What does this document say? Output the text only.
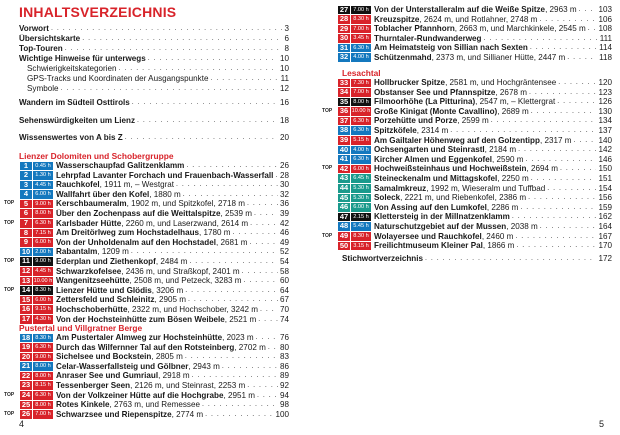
INHALTSVERZEICHNIS
Vorwort . . .	3
Übersichtskarte . . .	6
Top-Touren . . .	8
Wichtige Hinweise für unterwegs . . .	10
Schwierigkeitskategorien . . .	10
GPS-Tracks und Koordinaten der Ausgangspunkte . . .	11
Symbole . . .	12
Wandern im Südteil Osttirols . . .	16
Sehenswürdigkeiten um Lienz . . .	18
Wissenswertes von A bis Z . . .	20
Lienzer Dolomiten und Schobergruppe
1	0.45 h Wasserschaupfad Galitzenklamm . . .	26
2	1.30 h Lehrpfad Lavanter Forchach und Frauenbach-Wasserfall . . . 28
3	4.45 h Rauchkofel, 1911 m, – Westgrat . . .	30
4	6.00 h Wallfahrt über den Kofel, 1880 m . . .	32
TOP	5	9.00 h Kerschbaumeralm, 1902 m, und Spitzkofel, 2718 m . . .	36
6	8.00 h Über den Zochenpass auf die Weittalspitze, 2539 m . . .	39
TOP	7	6.30 h Karlsbader Hütte, 2260 m, und Laserzwand, 2614 m . . .	42
8	7.15 h Am Dreitörlweg zum Hochstadelhaus, 1780 m . . .	46
9	6.00 h Von der Unholdenalm auf den Hochstadel, 2681 m . . .	49
10 2.00 h Rabantalm, 1209 m . . .	52
TOP	11 9.00 h Ederplan und Ziethenkopf, 2484 m . . .	54
12 4.45 h Schwarzkofelsee, 2436 m, und Straßkopf, 2401 m . . .	58
13 10.00 h Wangenitzseehütte, 2508 m, und Petzeck, 3283 m . . .	60
TOP	14 8.30 h Lienzer Hütte und Glödis, 3206 m . . .	64
15 6.00 h Zettersfeld und Schleinitz, 2905 m . . .	67
16 9.15 h Hochschoberhütte, 2322 m, und Hochschober, 3242 m . . .	70
17 4.30 h Von der Hochsteinhütte zum Bösen Weibele, 2521 m . . .	74
Pustertal und Villgratner Berge
18 8.30 h Am Pustertaler Almweg zur Hochsteinhütte, 2023 m . . .	76
19 6.30 h Durch das Wilfernner Tal auf den Rotsteinberg, 2702 m . . . 80
20 9.00 h Sichelsee und Bockstein, 2805 m . . .	83
21 8.00 h Celar-Wasserfallsteig und Gölbner, 2943 m . . .	86
22 8.00 h Anraser See und Gumriaul, 2918 m . . .	89
23 8.15 h Tessenberger Seen, 2126 m, und Steinrast, 2253 m . . .	92
TOP	24 6.30 h Von der Volkzeiner Hütte auf die Hochgrabe, 2951 m . . .	94
25 8.00 h Rotes Kinkele, 2763 m, und Remessee . . .	98
TOP	26 7.00 h Schwarzsee und Riepenspitze, 2774 m . . .	100
4
27 7.00 h Von der Unterstalleralm auf die Weiße Spitze, 2963 m . . .	103
28 8.30 h Kreuzspitze, 2624 m, und Rotlahner, 2748 m . . .	106
29 7.00 h Toblacher Pfannhorn, 2663 m, und Marchkinkele, 2545 m . . . 108
30 3.45 h Thurntaler-Rundwanderweg . . .	111
31 6.30 h Am Heimatsteig von Sillian nach Sexten . . .	114
32 4.00 h Schützenmahd, 2373 m, und Sillianer Hütte, 2447 m . . .	118
Lesachtal
33 7.30 h Hollbrucker Spitze, 2581 m, und Hochgräntensee . . .	120
34 7.00 h Obstanser See und Pfannspitze, 2678 m . . .	123
35 8.00 h Filmoorhöhe (La Pitturina), 2547 m, – Klettergrat . . .	126
TOP	36 10.00 h Große Kinigat (Monte Cavallino), 2689 m . . .	130
37 6.30 h Porzehütte und Porze, 2599 m . . .	134
38 6.30 h Spitzköfele, 2314 m . . .	137
39 5.15 h Am Gailtaler Höhenweg auf den Golzentipp, 2317 m . . .	140
40 4.00 h Ochsengarten und Steinrastl, 2184 m . . .	142
41 6.30 h Kircher Almen und Eggenkofel, 2590 m . . .	146
TOP	42 6.00 h Hochweißsteinhaus und Hochweißstein, 2694 m . . .	150
43 6.45 h Steineckenalm und Mittagskofel, 2250 m . . .	151
44 5.30 h Samalmkreuz, 1992 m, Wieseralm und Tuffbad . . .	154
45 5.30 h Soleck, 2221 m, und Riebenkofel, 2386 m . . .	156
46 6.00 h Von Assing auf den Lumkofel, 2286 m . . .	159
47 2.15 h Klettersteig in der Millnatzenklamm . . .	162
48 5.45 h Naturschutzgebiet auf der Mussen, 2038 m . . .	164
TOP	49 8.30 h Wolayersee und Rauchkofel, 2460 m . . .	167
50 3.15 h Freilichtmuseum Kleiner Pal, 1866 m . . .	170
Stichwortverzeichnis . . .	172
5
